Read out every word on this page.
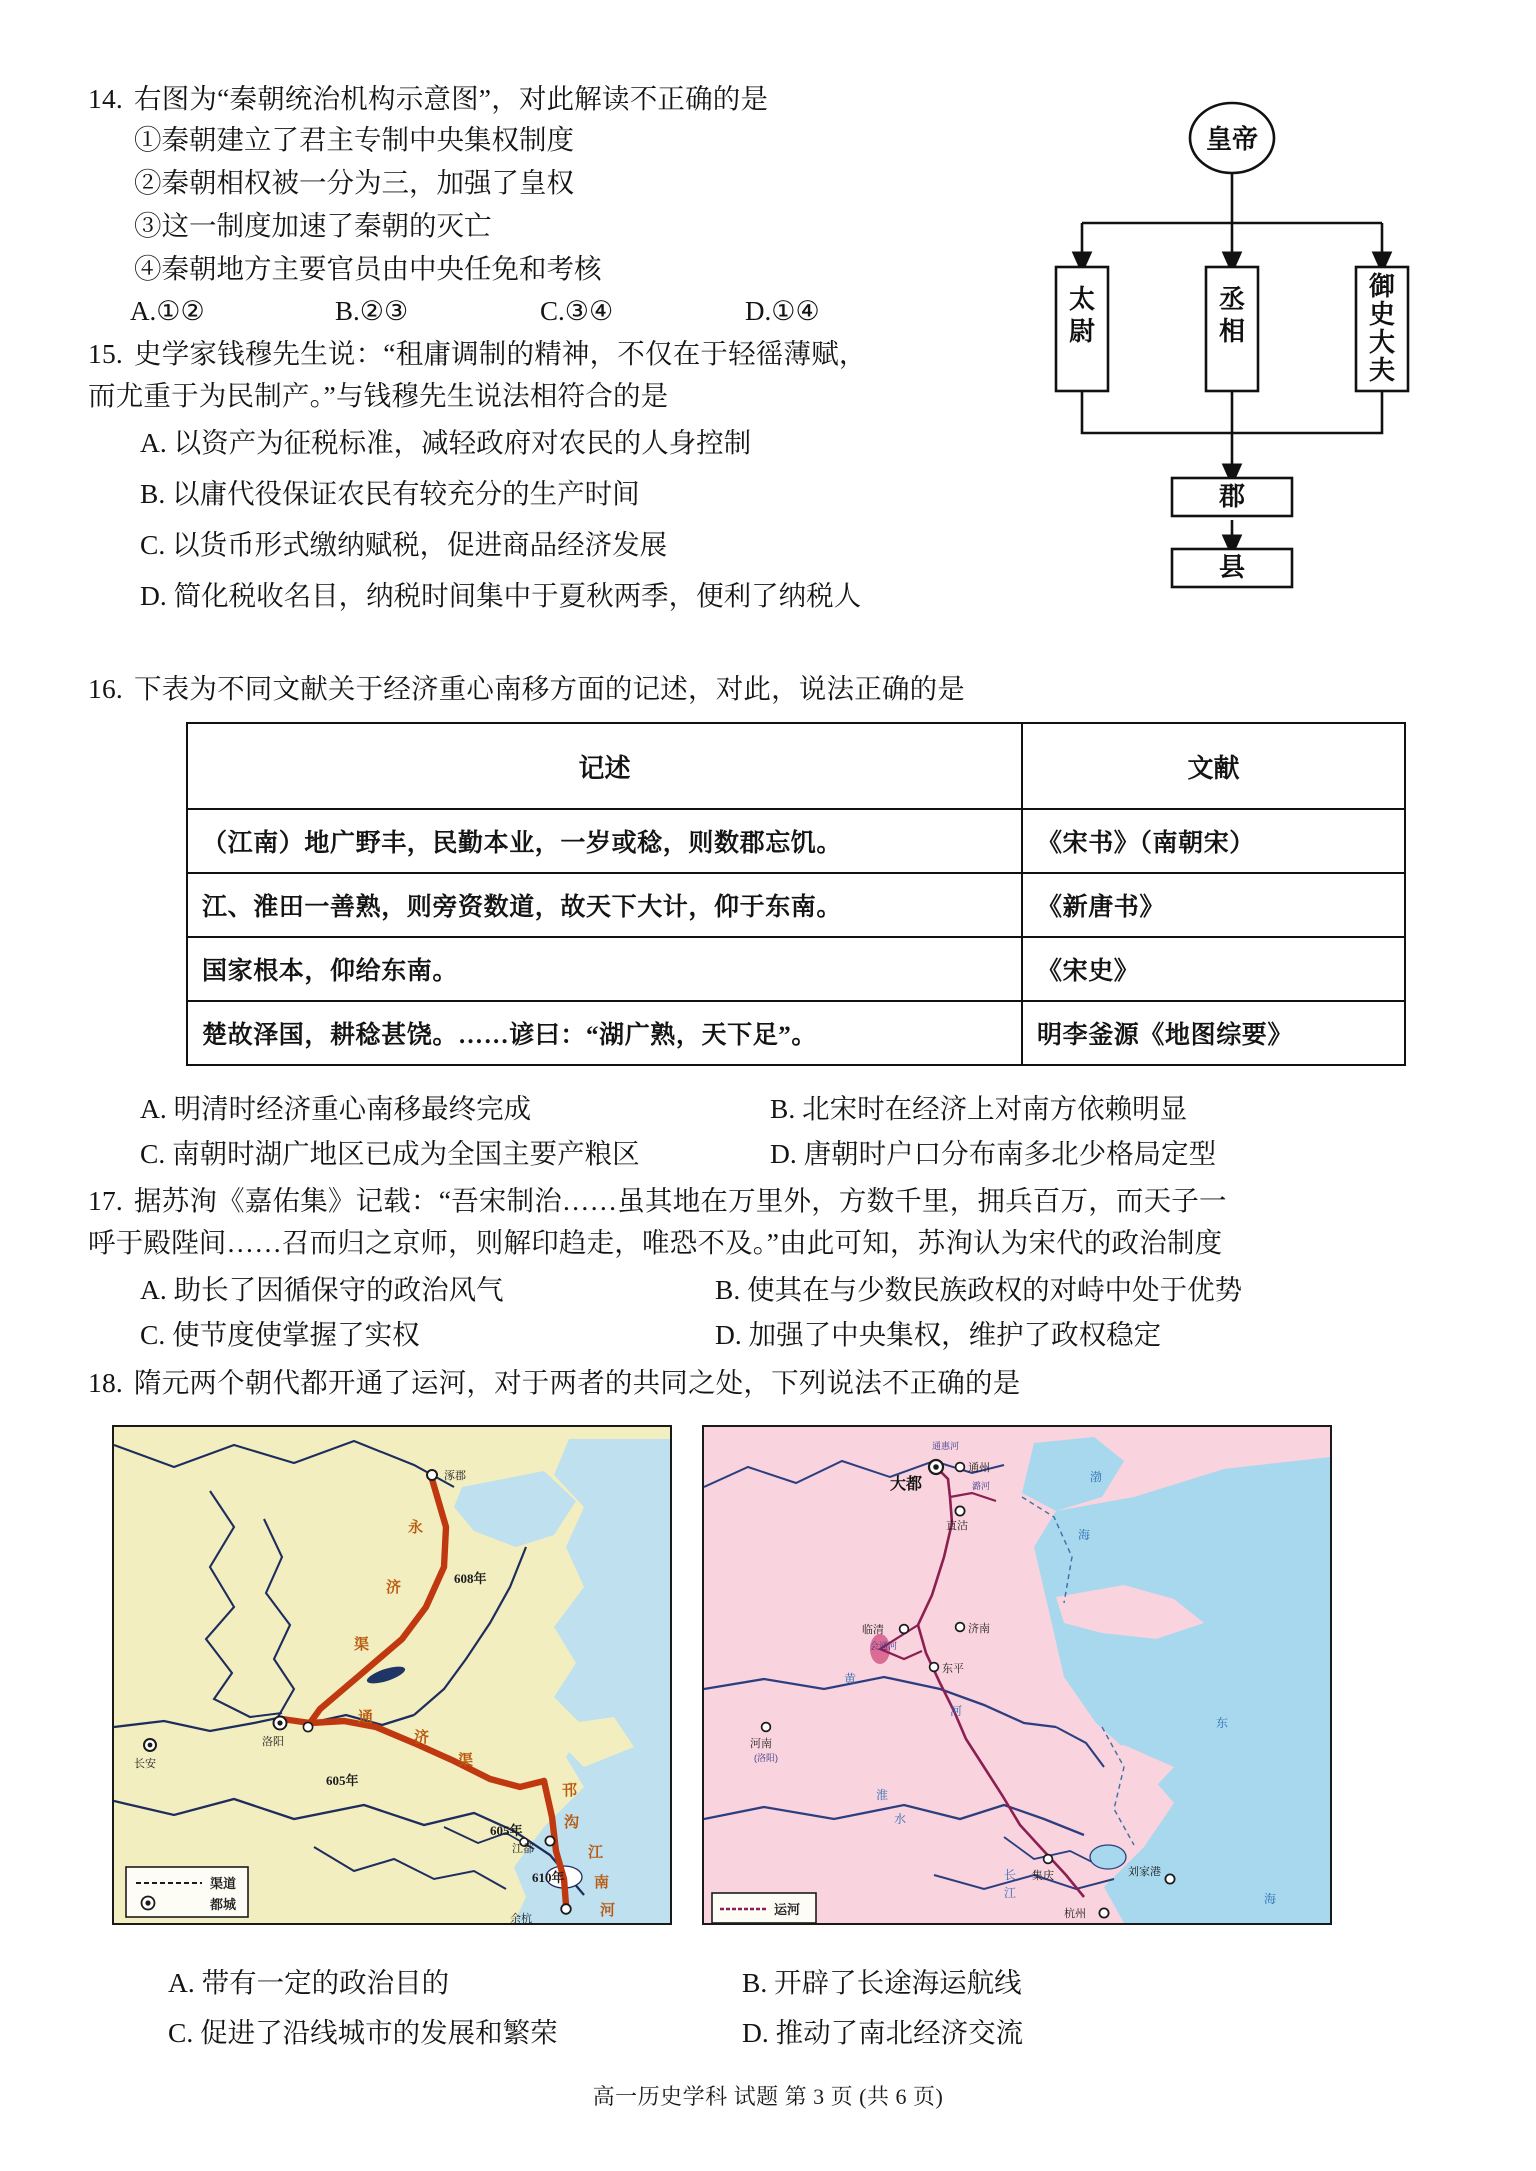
14. 右图为“秦朝统治机构示意图”，对此解读不正确的是
①秦朝建立了君主专制中央集权制度
②秦朝相权被一分为三，加强了皇权
③这一制度加速了秦朝的灭亡
④秦朝地方主要官员由中央任免和考核
A.①②	B.②③	C.③④	D.①④
皇帝
太
尉
丞
相
御
史
大
夫
郡
县
15. 史学家钱穆先生说：“租庸调制的精神，不仅在于轻徭薄赋，
而尤重于为民制产。”与钱穆先生说法相符合的是
A. 以资产为征税标准，减轻政府对农民的人身控制
B. 以庸代役保证农民有较充分的生产时间
C. 以货币形式缴纳赋税，促进商品经济发展
D. 简化税收名目，纳税时间集中于夏秋两季，便利了纳税人
16. 下表为不同文献关于经济重心南移方面的记述，对此，说法正确的是
记述	文献
（江南）地广野丰，民勤本业，一岁或稔，则数郡忘饥。	《宋书》（南朝宋）
江、淮田一善熟，则旁资数道，故天下大计，仰于东南。	《新唐书》
国家根本，仰给东南。	《宋史》
楚故泽国，耕稔甚饶。……谚曰：“湖广熟，天下足”。	明李釜源《地图综要》
A. 明清时经济重心南移最终完成	B. 北宋时在经济上对南方依赖明显
C. 南朝时湖广地区已成为全国主要产粮区	D. 唐朝时户口分布南多北少格局定型
17. 据苏洵《嘉佑集》记载：“吾宋制治……虽其地在万里外，方数千里，拥兵百万，而天子一
呼于殿陛间……召而归之京师，则解印趋走，唯恐不及。”由此可知，苏洵认为宋代的政治制度
A. 助长了因循保守的政治风气	B. 使其在与少数民族政权的对峙中处于优势
C. 使节度使掌握了实权	D. 加强了中央集权，维护了政权稳定
18. 隋元两个朝代都开通了运河，对于两者的共同之处，下列说法不正确的是
涿郡
长安
洛阳
余杭
江都
永
济
渠
通
济
渠
邗
沟
江
南
河
608年
605年
605年
610年
渠道
都城
大都
通州
直沽
临清	济南
东平
河南
(洛阳)
集庆	刘家港
杭州
通惠河
潞河
会通河
渤
海
黄
河
淮
水
长
江
东
海
运河
A. 带有一定的政治目的	B. 开辟了长途海运航线
C. 促进了沿线城市的发展和繁荣	D. 推动了南北经济交流
高一历史学科 试题 第 3 页 (共 6 页)
